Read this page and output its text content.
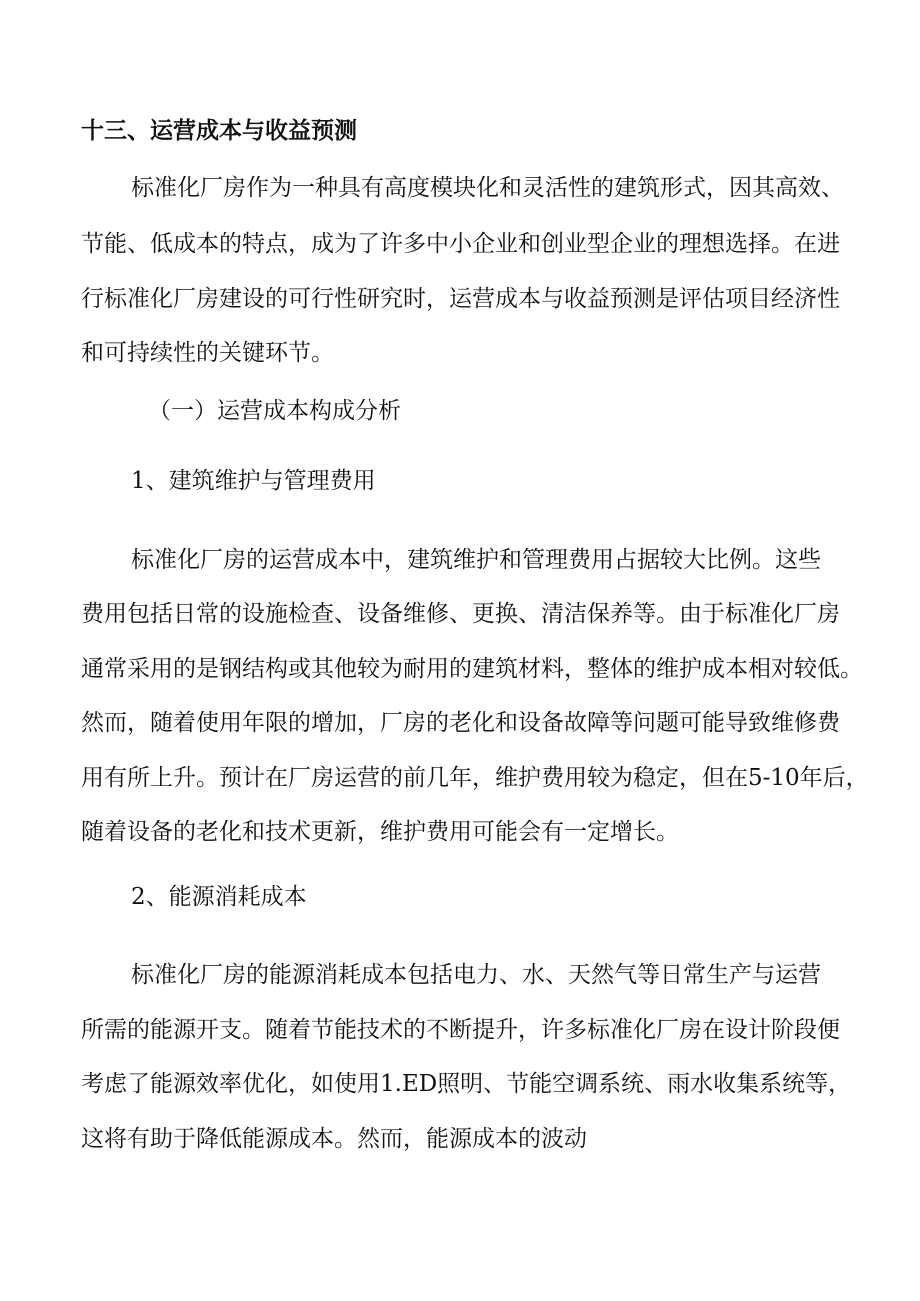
十三、运营成本与收益预测
标准化厂房作为一种具有高度模块化和灵活性的建筑形式，因其高效、
节能、低成本的特点，成为了许多中小企业和创业型企业的理想选择。在进
行标准化厂房建设的可行性研究时，运营成本与收益预测是评估项目经济性
和可持续性的关键环节。
（一）运营成本构成分析
1、建筑维护与管理费用
标准化厂房的运营成本中，建筑维护和管理费用占据较大比例。这些
费用包括日常的设施检查、设备维修、更换、清洁保养等。由于标准化厂房
通常采用的是钢结构或其他较为耐用的建筑材料，整体的维护成本相对较低。
然而，随着使用年限的增加，厂房的老化和设备故障等问题可能导致维修费
用有所上升。预计在厂房运营的前几年，维护费用较为稳定，但在5-10年后，
随着设备的老化和技术更新，维护费用可能会有一定增长。
2、能源消耗成本
标准化厂房的能源消耗成本包括电力、水、天然气等日常生产与运营
所需的能源开支。随着节能技术的不断提升，许多标准化厂房在设计阶段便
考虑了能源效率优化，如使用1.ED照明、节能空调系统、雨水收集系统等，
这将有助于降低能源成本。然而，能源成本的波动
